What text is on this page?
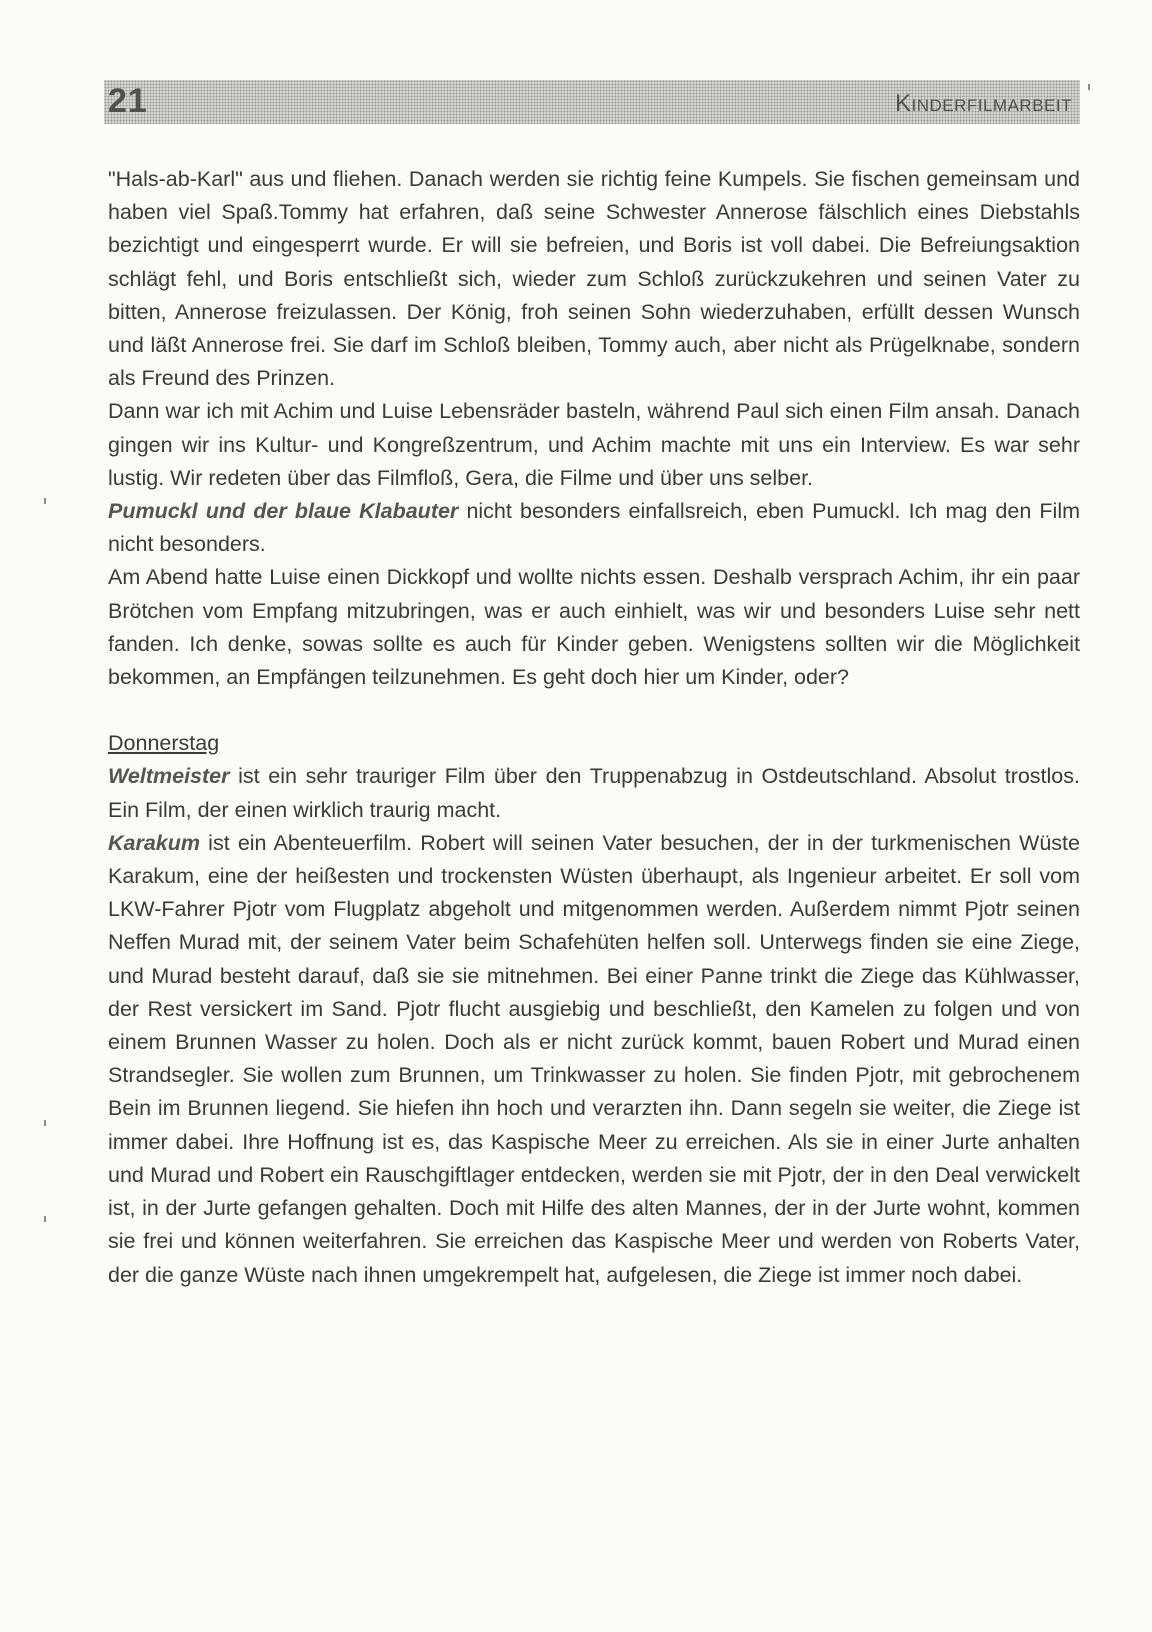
21	Kinderfilmarbeit

"Hals-ab-Karl" aus und fliehen. Danach werden sie richtig feine Kumpels. Sie fischen gemeinsam und haben viel Spaß.Tommy hat erfahren, daß seine Schwester Annerose fälschlich eines Diebstahls bezichtigt und eingesperrt wurde. Er will sie befreien, und Boris ist voll dabei. Die Befreiungsaktion schlägt fehl, und Boris entschließt sich, wieder zum Schloß zurückzukehren und seinen Vater zu bitten, Annerose freizulassen. Der König, froh seinen Sohn wiederzuhaben, erfüllt dessen Wunsch und läßt Annerose frei. Sie darf im Schloß bleiben, Tommy auch, aber nicht als Prügelknabe, sondern als Freund des Prinzen.

Dann war ich mit Achim und Luise Lebensräder basteln, während Paul sich einen Film ansah. Danach gingen wir ins Kultur- und Kongreßzentrum, und Achim machte mit uns ein Interview. Es war sehr lustig. Wir redeten über das Filmfloß, Gera, die Filme und über uns selber.

Pumuckl und der blaue Klabauter nicht besonders einfallsreich, eben Pumuckl. Ich mag den Film nicht besonders.

Am Abend hatte Luise einen Dickkopf und wollte nichts essen. Deshalb versprach Achim, ihr ein paar Brötchen vom Empfang mitzubringen, was er auch einhielt, was wir und besonders Luise sehr nett fanden. Ich denke, sowas sollte es auch für Kinder geben. Wenigstens sollten wir die Möglichkeit bekommen, an Empfängen teilzunehmen. Es geht doch hier um Kinder, oder?

Donnerstag

Weltmeister ist ein sehr trauriger Film über den Truppenabzug in Ostdeutschland. Absolut trostlos. Ein Film, der einen wirklich traurig macht.

Karakum ist ein Abenteuerfilm. Robert will seinen Vater besuchen, der in der turkmenischen Wüste Karakum, eine der heißesten und trockensten Wüsten überhaupt, als Ingenieur arbeitet. Er soll vom LKW-Fahrer Pjotr vom Flugplatz abgeholt und mitgenommen werden. Außerdem nimmt Pjotr seinen Neffen Murad mit, der seinem Vater beim Schafehüten helfen soll. Unterwegs finden sie eine Ziege, und Murad besteht darauf, daß sie sie mitnehmen. Bei einer Panne trinkt die Ziege das Kühlwasser, der Rest versickert im Sand. Pjotr flucht ausgiebig und beschließt, den Kamelen zu folgen und von einem Brunnen Wasser zu holen. Doch als er nicht zurück kommt, bauen Robert und Murad einen Strandsegler. Sie wollen zum Brunnen, um Trinkwasser zu holen. Sie finden Pjotr, mit gebrochenem Bein im Brunnen liegend. Sie hiefen ihn hoch und verarzten ihn. Dann segeln sie weiter, die Ziege ist immer dabei. Ihre Hoffnung ist es, das Kaspische Meer zu erreichen. Als sie in einer Jurte anhalten und Murad und Robert ein Rauschgiftlager entdecken, werden sie mit Pjotr, der in den Deal verwickelt ist, in der Jurte gefangen gehalten. Doch mit Hilfe des alten Mannes, der in der Jurte wohnt, kommen sie frei und können weiterfahren. Sie erreichen das Kaspische Meer und werden von Roberts Vater, der die ganze Wüste nach ihnen umgekrempelt hat, aufgelesen, die Ziege ist immer noch dabei.
